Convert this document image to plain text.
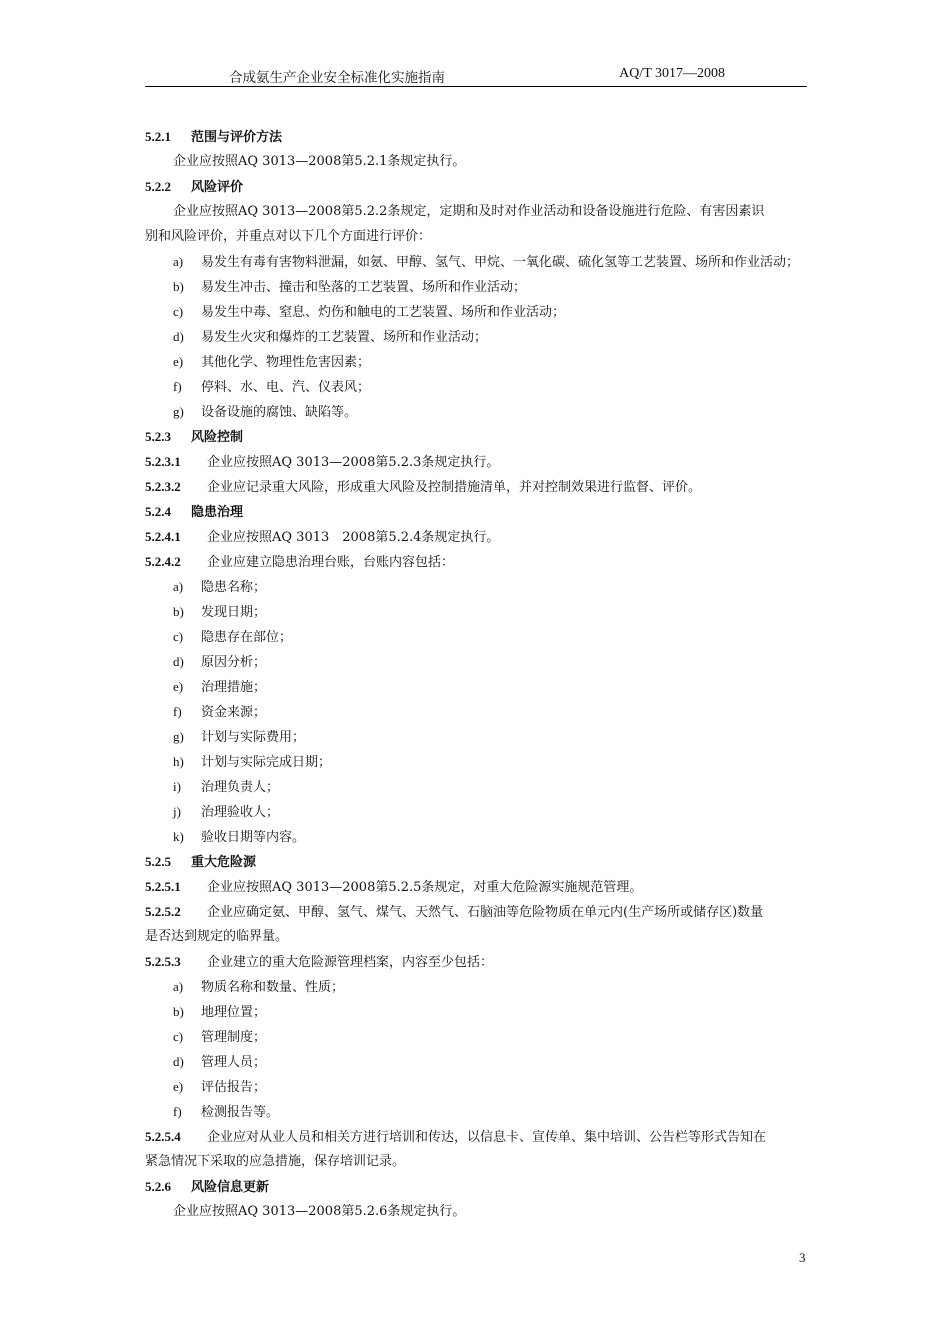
合成氨生产企业安全标准化实施指南	AQ/T 3017—2008
5.2.1 范围与评价方法
企业应按照AQ 3013—2008第5.2.1条规定执行。
5.2.2 风险评价
企业应按照AQ 3013—2008第5.2.2条规定，定期和及时对作业活动和设备设施进行危险、有害因素识
别和风险评价，并重点对以下几个方面进行评价：
a) 易发生有毒有害物料泄漏，如氨、甲醇、氢气、甲烷、一氧化碳、硫化氢等工艺装置、场所和作业活动；
b) 易发生冲击、撞击和坠落的工艺装置、场所和作业活动；
c) 易发生中毒、窒息、灼伤和触电的工艺装置、场所和作业活动；
d) 易发生火灾和爆炸的工艺装置、场所和作业活动；
e) 其他化学、物理性危害因素；
f) 停料、水、电、汽、仪表风；
g) 设备设施的腐蚀、缺陷等。
5.2.3 风险控制
5.2.3.1 企业应按照AQ 3013—2008第5.2.3条规定执行。
5.2.3.2 企业应记录重大风险，形成重大风险及控制措施清单，并对控制效果进行监督、评价。
5.2.4 隐患治理
5.2.4.1 企业应按照AQ 3013　2008第5.2.4条规定执行。
5.2.4.2 企业应建立隐患治理台账，台账内容包括：
a) 隐患名称；
b) 发现日期；
c) 隐患存在部位；
d) 原因分析；
e) 治理措施；
f) 资金来源；
g) 计划与实际费用；
h) 计划与实际完成日期；
i) 治理负责人；
j) 治理验收人；
k) 验收日期等内容。
5.2.5 重大危险源
5.2.5.1 企业应按照AQ 3013—2008第5.2.5条规定，对重大危险源实施规范管理。
5.2.5.2 企业应确定氨、甲醇、氢气、煤气、天然气、石脑油等危险物质在单元内(生产场所或储存区)数量
是否达到规定的临界量。
5.2.5.3 企业建立的重大危险源管理档案，内容至少包括：
a) 物质名称和数量、性质；
b) 地理位置；
c) 管理制度；
d) 管理人员；
e) 评估报告；
f) 检测报告等。
5.2.5.4 企业应对从业人员和相关方进行培训和传达，以信息卡、宣传单、集中培训、公告栏等形式告知在
紧急情况下采取的应急措施，保存培训记录。
5.2.6 风险信息更新
企业应按照AQ 3013—2008第5.2.6条规定执行。
3
